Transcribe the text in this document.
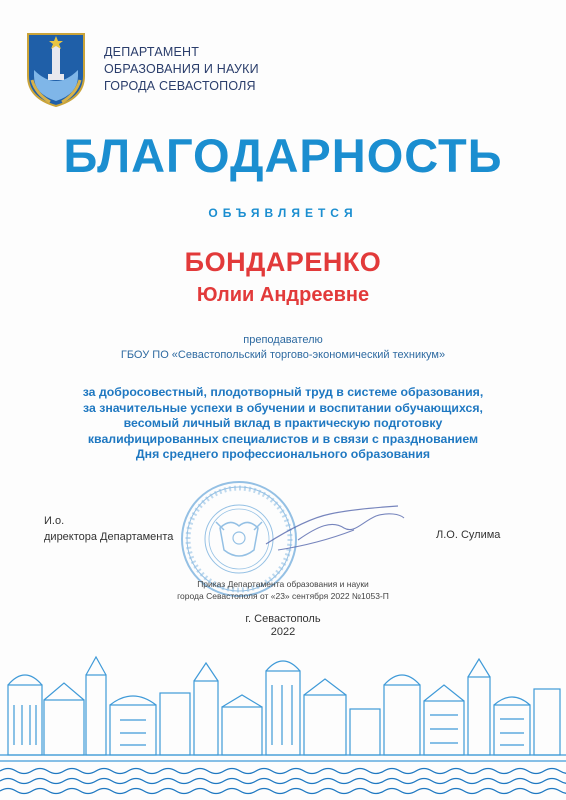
ДЕПАРТАМЕНТ
ОБРАЗОВАНИЯ И НАУКИ
ГОРОДА СЕВАСТОПОЛЯ
БЛАГОДАРНОСТЬ
ОБЪЯВЛЯЕТСЯ
БОНДАРЕНКО
Юлии Андреевне
преподавателю
ГБОУ ПО «Севастопольский торгово-экономический техникум»
за добросовестный, плодотворный труд в системе образования,
за значительные успехи в обучении и воспитании обучающихся,
весомый личный вклад в практическую подготовку
квалифицированных специалистов и в связи с празднованием
Дня среднего профессионального образования
И.о.
директора Департамента	Л.О. Сулима
Приказ Департамента образования и науки
города Севастополя от «23» сентября 2022 №1053-П
г. Севастополь
2022
